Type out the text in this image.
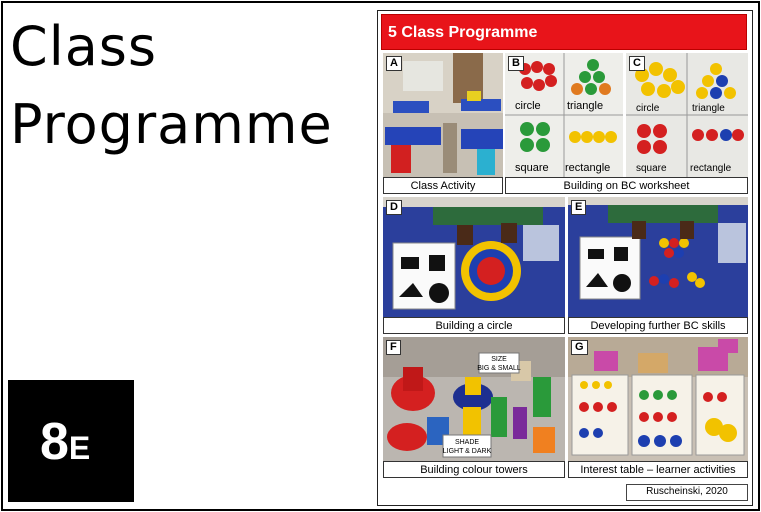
Class
Programme
8E
5 Class Programme
A	B
circle triangle
square rectangle
C
circle	triangle
square rectangle
Class Activity	Building on BC worksheet
D	E
Building a circle	Developing further BC skills
F
SIZE
BIG & SMALL
SHADE
LIGHT & DARK
G
Building colour towers	Interest table – learner activities
Ruscheinski, 2020
